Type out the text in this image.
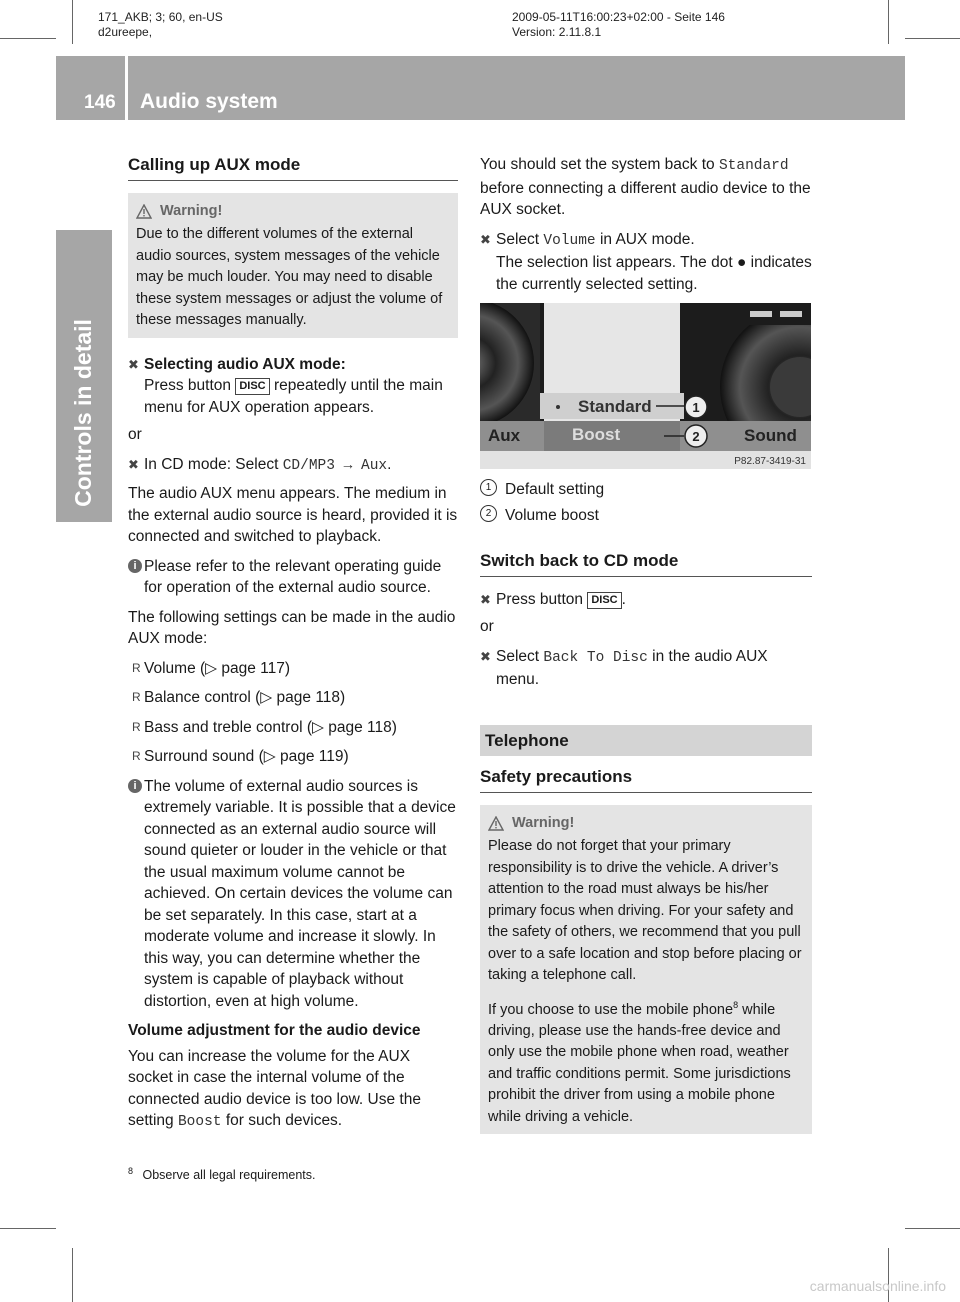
171_AKB; 3; 60, en-US
d2ureepe,
2009-05-11T16:00:23+02:00 - Seite 146
Version: 2.11.8.1
146 Audio system
Controls in detail
Calling up AUX mode
Warning!
Due to the different volumes of the external audio sources, system messages of the vehicle may be much louder. You may need to disable these system messages or adjust the volume of these messages manually.
✖ Selecting audio AUX mode:
Press button DISC repeatedly until the main menu for AUX operation appears.

or

✖ In CD mode: Select CD/MP3 → Aux.

The audio AUX menu appears. The medium in the external audio source is heard, provided it is connected and switched to playback.

i Please refer to the relevant operating guide for operation of the external audio source.

The following settings can be made in the audio AUX mode:

R Volume (▷ page 117)
R Balance control (▷ page 118)
R Bass and treble control (▷ page 118)
R Surround sound (▷ page 119)
i The volume of external audio sources is extremely variable. It is possible that a device connected as an external audio source will sound quieter or louder in the vehicle or that the usual maximum volume cannot be achieved. On certain devices the volume can be set separately. In this case, start at a moderate volume and increase it slowly. In this way, you can determine whether the system is capable of playback without distortion, even at high volume.
Volume adjustment for the audio device

You can increase the volume for the AUX socket in case the internal volume of the connected audio device is too low. Use the setting Boost for such devices.

You should set the system back to Standard before connecting a different audio device to the AUX socket.

✖ Select Volume in AUX mode.
The selection list appears. The dot ● indicates the currently selected setting.
Standard
Aux	Boost	Sound
1
2
P82.87-3419-31
1 Default setting
2 Volume boost
Switch back to CD mode
✖ Press button DISC .

or

✖ Select Back To Disc in the audio AUX menu.
Telephone
Safety precautions
Warning!

Please do not forget that your primary responsibility is to drive the vehicle. A driver’s attention to the road must always be his/her primary focus when driving. For your safety and the safety of others, we recommend that you pull over to a safe location and stop before placing or taking a telephone call.

If you choose to use the mobile phone$^8$ while driving, please use the hands-free device and only use the mobile phone when road, weather and traffic conditions permit. Some jurisdictions prohibit the driver from using a mobile phone while driving a vehicle.

$^8$ Observe all legal requirements.
carmanualsonline.info
